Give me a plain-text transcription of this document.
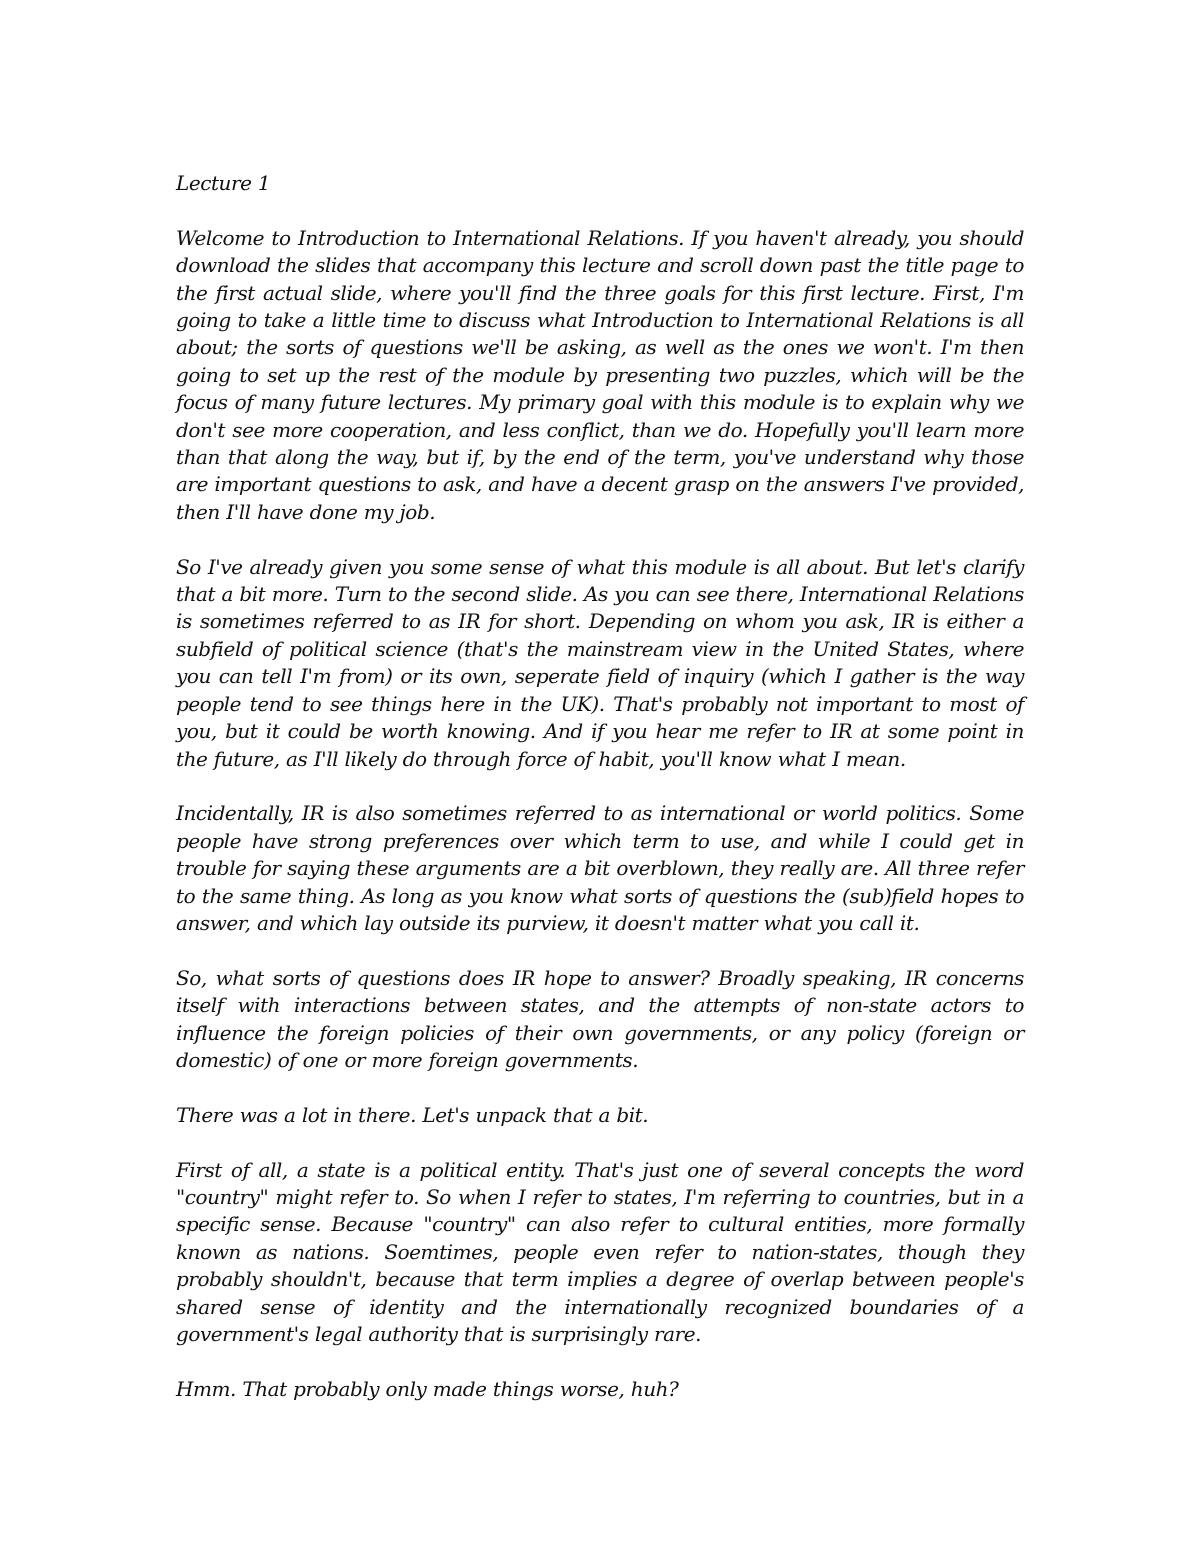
Lecture 1

Welcome to Introduction to International Relations. If you haven't already, you should download the slides that accompany this lecture and scroll down past the title page to the first actual slide, where you'll find the three goals for this first lecture. First, I'm going to take a little time to discuss what Introduction to International Relations is all about; the sorts of questions we'll be asking, as well as the ones we won't. I'm then going to set up the rest of the module by presenting two puzzles, which will be the focus of many future lectures. My primary goal with this module is to explain why we don't see more cooperation, and less conflict, than we do. Hopefully you'll learn more than that along the way, but if, by the end of the term, you've understand why those are important questions to ask, and have a decent grasp on the answers I've provided, then I'll have done my job.

So I've already given you some sense of what this module is all about. But let's clarify that a bit more. Turn to the second slide. As you can see there, International Relations is sometimes referred to as IR for short. Depending on whom you ask, IR is either a subfield of political science (that's the mainstream view in the United States, where you can tell I'm from) or its own, seperate field of inquiry (which I gather is the way people tend to see things here in the UK). That's probably not important to most of you, but it could be worth knowing. And if you hear me refer to IR at some point in the future, as I'll likely do through force of habit, you'll know what I mean.

Incidentally, IR is also sometimes referred to as international or world politics. Some people have strong preferences over which term to use, and while I could get in trouble for saying these arguments are a bit overblown, they really are. All three refer to the same thing. As long as you know what sorts of questions the (sub)field hopes to answer, and which lay outside its purview, it doesn't matter what you call it.

So, what sorts of questions does IR hope to answer? Broadly speaking, IR concerns itself with interactions between states, and the attempts of non-state actors to influence the foreign policies of their own governments, or any policy (foreign or domestic) of one or more foreign governments.

There was a lot in there. Let's unpack that a bit.

First of all, a state is a political entity. That's just one of several concepts the word "country" might refer to. So when I refer to states, I'm referring to countries, but in a specific sense. Because "country" can also refer to cultural entities, more formally known as nations. Soemtimes, people even refer to nation-states, though they probably shouldn't, because that term implies a degree of overlap between people's shared sense of identity and the internationally recognized boundaries of a government's legal authority that is surprisingly rare.

Hmm. That probably only made things worse, huh?
